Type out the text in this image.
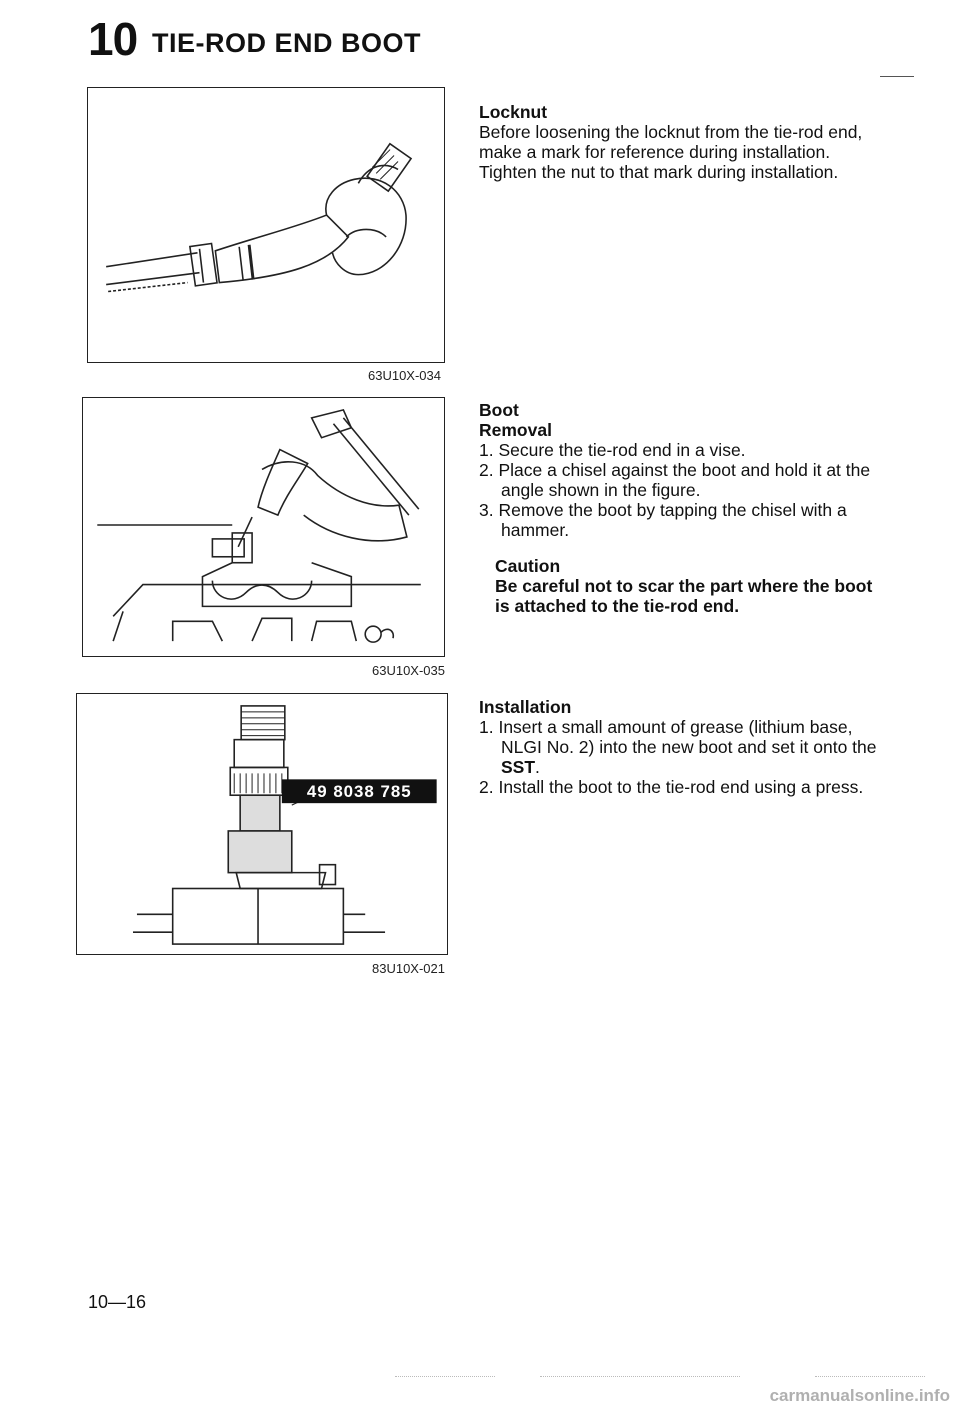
10 TIE-ROD END BOOT
63U10X-034
63U10X-035
49 8038 785
83U10X-021
Locknut
Before loosening the locknut from the tie-rod end, make a mark for reference during installation. Tighten the nut to that mark during installation.
Boot
Removal
1. Secure the tie-rod end in a vise.
2. Place a chisel against the boot and hold it at the angle shown in the figure.
3. Remove the boot by tapping the chisel with a hammer.
Caution
Be careful not to scar the part where the boot is attached to the tie-rod end.
Installation
1. Insert a small amount of grease (lithium base, NLGI No. 2) into the new boot and set it onto the SST.
2. Install the boot to the tie-rod end using a press.
10—16
carmanualsonline.info
